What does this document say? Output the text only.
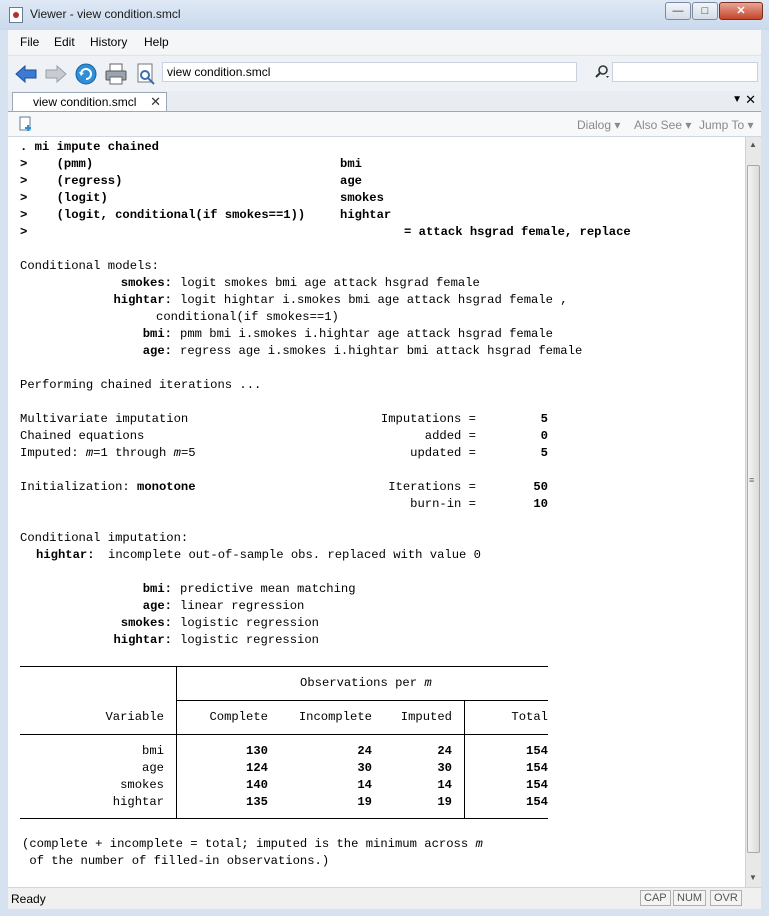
Viewer - view condition.smcl	—	□	✕
File Edit History Help
view condition.smcl
view condition.smcl ✕	▼ ✕
Dialog ▾ Also See ▾ Jump To ▾
. mi impute chained
>    (pmm)	bmi
>    (regress)	age
>    (logit)	smokes
>    (logit, conditional(if smokes==1))	hightar
>	= attack hsgrad female, replace
Conditional models:
smokes: logit smokes bmi age attack hsgrad female
hightar: logit hightar i.smokes bmi age attack hsgrad female ,
conditional(if smokes==1)
bmi: pmm bmi i.smokes i.hightar age attack hsgrad female
age: regress age i.smokes i.hightar bmi attack hsgrad female
Performing chained iterations ...
Multivariate imputation	Imputations =	5
Chained equations	added =	0
Imputed: m=1 through m=5	updated =	5
Initialization: monotone	Iterations =	50
burn-in =	10
Conditional imputation:
hightar: incomplete out-of-sample obs. replaced with value 0
bmi: predictive mean matching
age: linear regression
smokes: logistic regression
hightar: logistic regression
Observations per m
Variable	Complete	Incomplete	Imputed	Total
bmi	130	24	24	154
age	124	30	30	154
smokes	140	14	14	154
hightar	135	19	19	154
(complete + incomplete = total; imputed is the minimum across m
of the number of filled-in observations.)
▲
≡
▼
Ready	CAP NUM	OVR
